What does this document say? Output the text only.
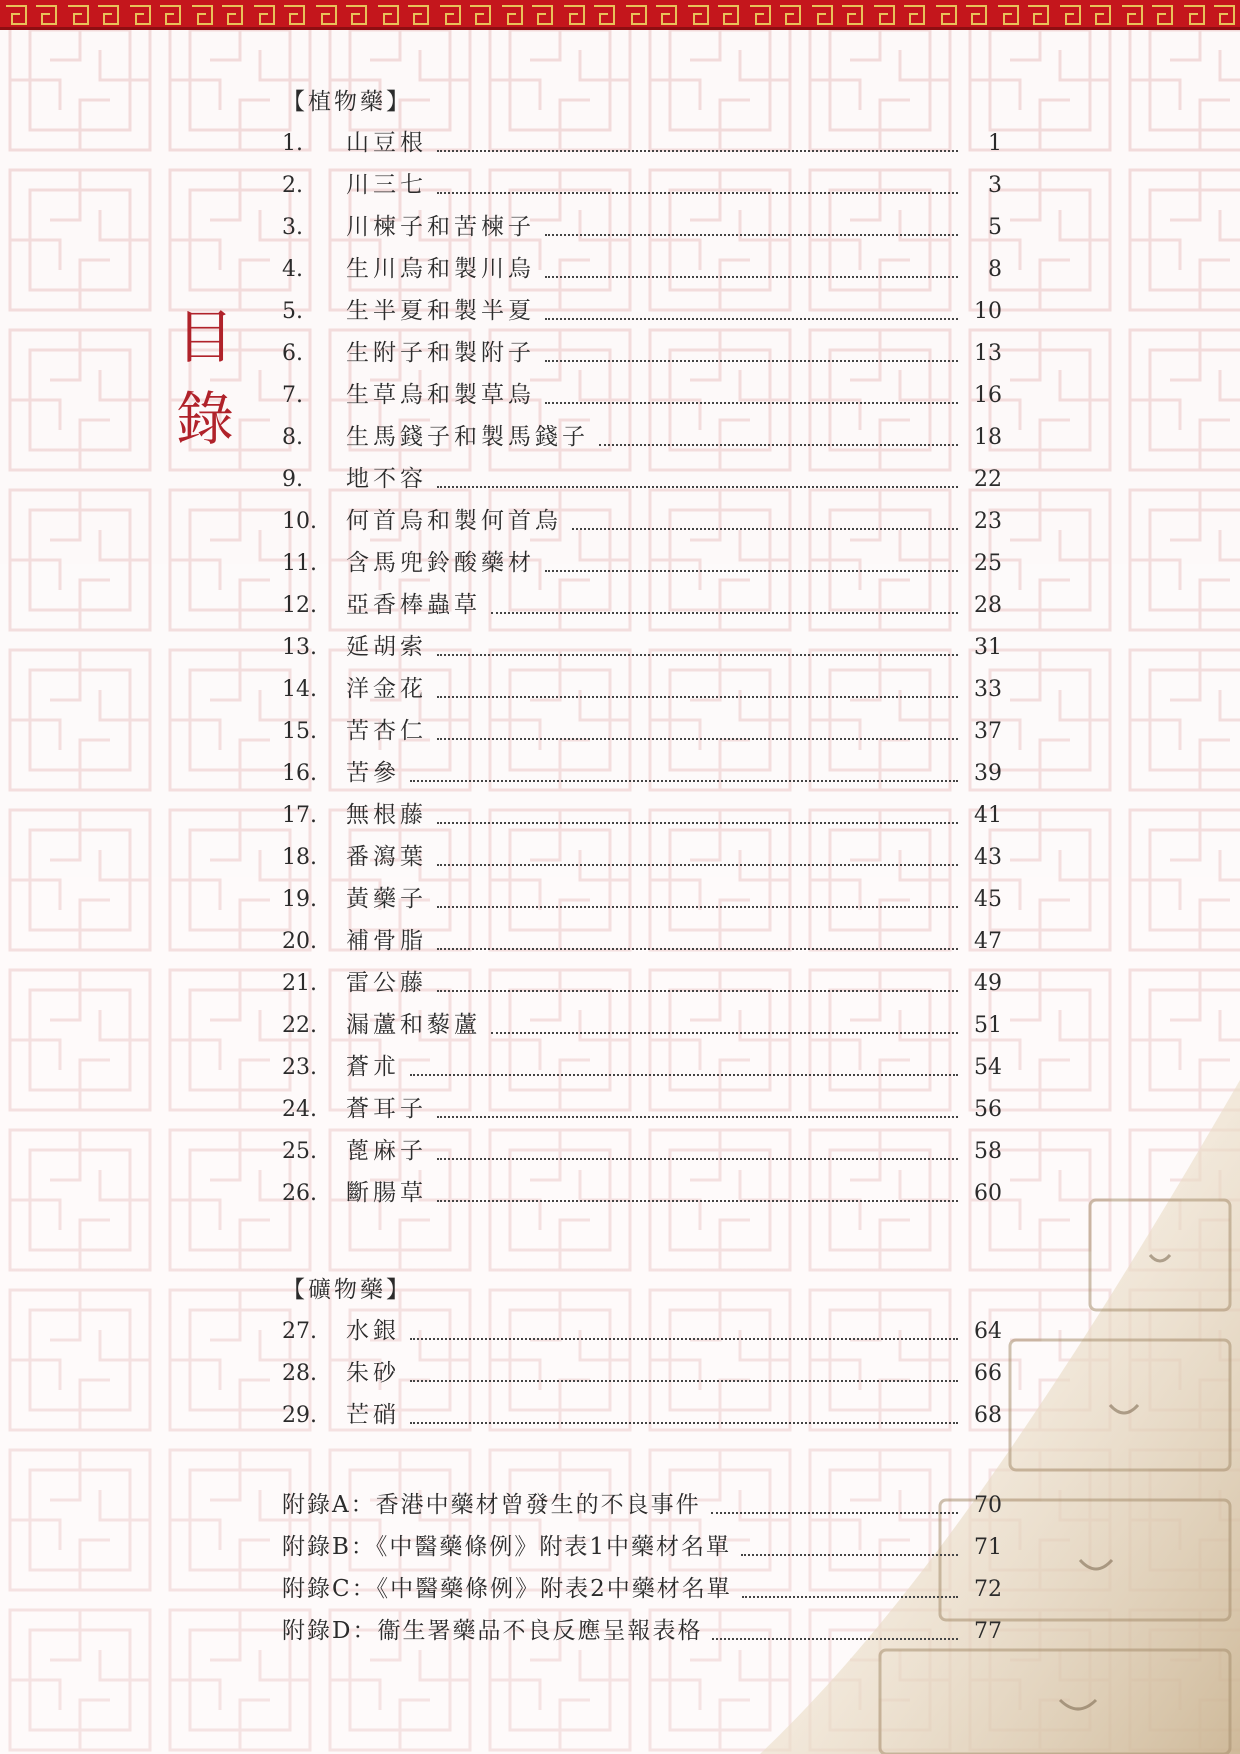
目
錄
【植物藥】
1.	山豆根	1
2.	川三七	3
3.	川楝子和苦楝子	5
4.	生川烏和製川烏	8
5.	生半夏和製半夏	10
6.	生附子和製附子	13
7.	生草烏和製草烏	16
8.	生馬錢子和製馬錢子	18
9.	地不容	22
10.	何首烏和製何首烏	23
11.	含馬兜鈴酸藥材	25
12.	亞香棒蟲草	28
13.	延胡索	31
14.	洋金花	33
15.	苦杏仁	37
16.	苦參	39
17.	無根藤	41
18.	番瀉葉	43
19.	黃藥子	45
20.	補骨脂	47
21.	雷公藤	49
22.	漏蘆和藜蘆	51
23.	蒼朮	54
24.	蒼耳子	56
25.	蓖麻子	58
26.	斷腸草	60
【礦物藥】
27.	水銀	64
28.	朱砂	66
29.	芒硝	68
附錄A：香港中藥材曾發生的不良事件	70
附錄B：《中醫藥條例》附表1中藥材名單	71
附錄C：《中醫藥條例》附表2中藥材名單	72
附錄D：衞生署藥品不良反應呈報表格	77
